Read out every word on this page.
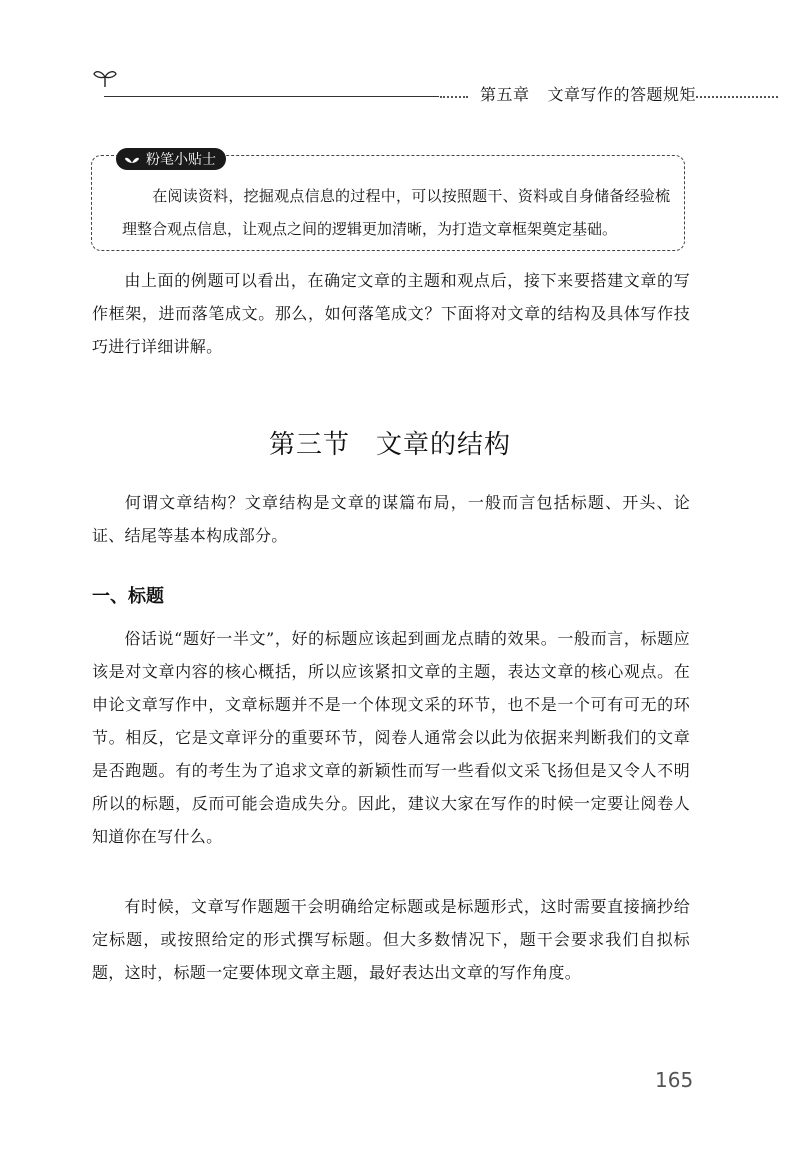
第五章 文章写作的答题规矩
粉笔小贴士
在阅读资料，挖掘观点信息的过程中，可以按照题干、资料或自身储备经验梳理整合观点信息，让观点之间的逻辑更加清晰，为打造文章框架奠定基础。

由上面的例题可以看出，在确定文章的主题和观点后，接下来要搭建文章的写作框架，进而落笔成文。那么，如何落笔成文？下面将对文章的结构及具体写作技巧进行详细讲解。

第三节 文章的结构

何谓文章结构？文章结构是文章的谋篇布局，一般而言包括标题、开头、论证、结尾等基本构成部分。

一、标题

俗话说“题好一半文”，好的标题应该起到画龙点睛的效果。一般而言，标题应该是对文章内容的核心概括，所以应该紧扣文章的主题，表达文章的核心观点。在申论文章写作中，文章标题并不是一个体现文采的环节，也不是一个可有可无的环节。相反，它是文章评分的重要环节，阅卷人通常会以此为依据来判断我们的文章是否跑题。有的考生为了追求文章的新颖性而写一些看似文采飞扬但是又令人不明所以的标题，反而可能会造成失分。因此，建议大家在写作的时候一定要让阅卷人知道你在写什么。

有时候，文章写作题题干会明确给定标题或是标题形式，这时需要直接摘抄给定标题，或按照给定的形式撰写标题。但大多数情况下，题干会要求我们自拟标题，这时，标题一定要体现文章主题，最好表达出文章的写作角度。

165
